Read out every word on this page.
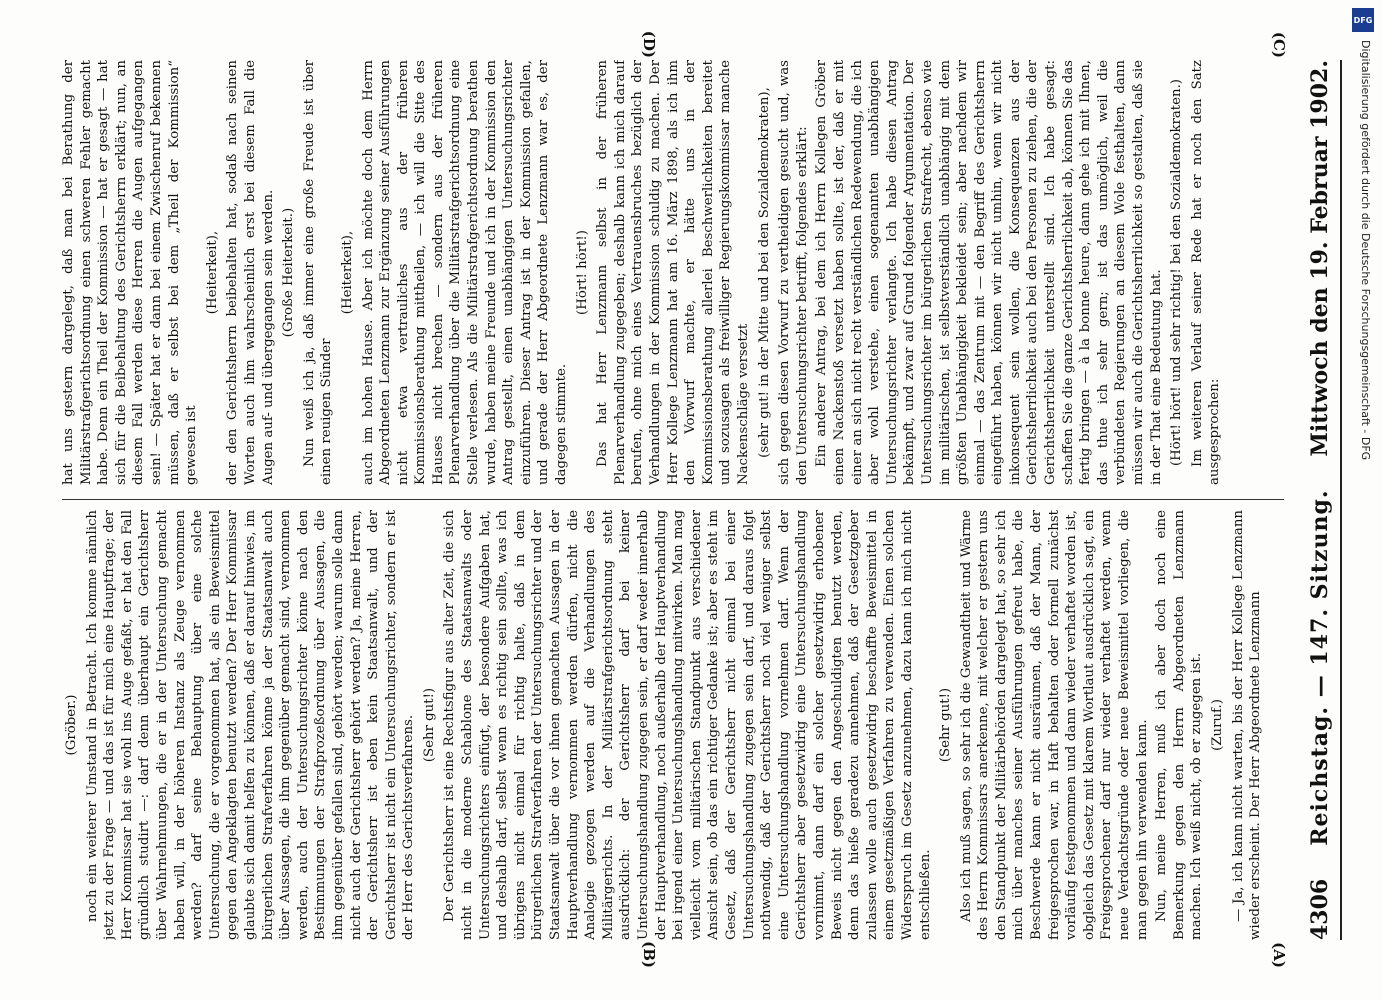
4306
Reichstag. — 147. Sitzung.
Mittwoch den 19. Februar 1902.
(A)
(B)
(C)
(D)

(Gröber.) noch ein weiterer Umstand in Betracht. Ich komme nämlich jetzt zu der Frage — und das ist für mich eine Hauptfrage; der Herr Kommissar hat sie wohl ins Auge gefaßt, er hat den Fall gründlich studirt —: darf denn überhaupt ein Gerichtsherr über Wahrnehmungen, die er in der Untersuchung gemacht haben will, in der höheren Instanz als Zeuge vernommen werden? darf seine Behauptung über eine solche Untersuchung, die er vorgenommen hat, als ein Beweismittel gegen den Angeklagten benutzt werden? Der Herr Kommissar glaubte sich damit helfen zu können, daß er darauf hinwies, im bürgerlichen Strafverfahren könne ja der Staatsanwalt auch über Aussagen, die ihm gegenüber gemacht sind, vernommen werden, auch der Untersuchungsrichter könne nach den Bestimmungen der Strafprozeßordnung über Aussagen, die ihm gegenüber gefallen sind, gehört werden; warum solle dann nicht auch der Gerichtsherr gehört werden? Ja, meine Herren, der Gerichtsherr ist eben kein Staatsanwalt, und der Gerichtsherr ist nicht ein Untersuchungsrichter, sondern er ist der Herr des Gerichtsverfahrens. (Sehr gut!) Der Gerichtsherr ist eine Rechtsfigur aus alter Zeit, die sich nicht in die moderne Schablone des Staatsanwalts oder Untersuchungsrichters einfügt, der besondere Aufgaben hat, und deshalb darf, selbst wenn es richtig sein sollte, was ich übrigens nicht einmal für richtig halte, daß in dem bürgerlichen Strafverfahren der Untersuchungsrichter und der Staatsanwalt über die vor ihnen gemachten Aussagen in der Hauptverhandlung vernommen werden dürfen, nicht die Analogie gezogen werden auf die Verhandlungen des Militärgerichts. In der Militärstrafgerichtsordnung steht ausdrücklich: der Gerichtsherr darf bei keiner Untersuchungshandlung zugegen sein, er darf weder innerhalb der Hauptverhandlung, noch außerhalb der Hauptverhandlung bei irgend einer Untersuchungshandlung mitwirken. Man mag vielleicht vom militärischen Standpunkt aus verschiedener Ansicht sein, ob das ein richtiger Gedanke ist; aber es steht im Gesetz, daß der Gerichtsherr nicht einmal bei einer Untersuchungshandlung zugegen sein darf, und daraus folgt nothwendig, daß der Gerichtsherr noch viel weniger selbst eine Untersuchungshandlung vornehmen darf. Wenn der Gerichtsherr aber gesetzwidrig eine Untersuchungshandlung vornimmt, dann darf ein solcher gesetzwidrig erhobener Beweis nicht gegen den Angeschuldigten benutzt werden, denn das hieße geradezu annehmen, daß der Gesetzgeber zulassen wolle auch gesetzwidrig beschaffte Beweismittel in einem gesetzmäßigen Verfahren zu verwenden. Einen solchen Widerspruch im Gesetz anzunehmen, dazu kann ich mich nicht entschließen.

(Sehr gut!) Also ich muß sagen, so sehr ich die Gewandtheit und Wärme des Herrn Kommissars anerkenne, mit welcher er gestern uns den Standpunkt der Militärbehörden dargelegt hat, so sehr ich mich über manches seiner Ausführungen gefreut habe, die Beschwerde kann er nicht ausräumen, daß der Mann, der freigesprochen war, in Haft behalten oder formell zunächst vorläufig festgenommen und dann wieder verhaftet worden ist, obgleich das Gesetz mit klarem Wortlaut ausdrücklich sagt, ein Freigesprochener darf nur wieder verhaftet werden, wenn neue Verdachtsgründe oder neue Beweismittel vorliegen, die man gegen ihn verwenden kann. Nun, meine Herren, muß ich aber doch noch eine Bemerkung gegen den Herrn Abgeordneten Lenzmann machen. Ich weiß nicht, ob er zugegen ist. (Zuruf.) — Ja, ich kann nicht warten, bis der Herr Kollege Lenzmann wieder erscheint. Der Herr Abgeordnete Lenzmann

hat uns gestern dargelegt, daß man bei Berathung der Militärstrafgerichtsordnung einen schweren Fehler gemacht habe. Denn ein Theil der Kommission — hat er gesagt — hat sich für die Beibehaltung des Gerichtsherrn erklärt; nun, an diesem Fall werden diese Herren die Augen aufgegangen sein! — Später hat er dann bei einem Zwischenruf bekennen müssen, daß er selbst bei dem „Theil der Kommission“ gewesen ist

(Heiterkeit), der den Gerichtsherrn beibehalten hat, sodaß nach seinen Worten auch ihm wahrscheinlich erst bei diesem Fall die Augen auf- und übergegangen sein werden. (Große Heiterkeit.) Nun weiß ich ja, daß immer eine große Freude ist über einen reuigen Sünder

(Heiterkeit), auch im hohen Hause. Aber ich möchte doch dem Herrn Abgeordneten Lenzmann zur Ergänzung seiner Ausführungen nicht etwa vertrauliches aus der früheren Kommissionsberathung mittheilen, — ich will die Sitte des Hauses nicht brechen — sondern aus der früheren Plenarverhandlung über die Militärstrafgerichtsordnung eine Stelle verlesen. Als die Militärstrafgerichtsordnung berathen wurde, haben meine Freunde und ich in der Kommission den Antrag gestellt, einen unabhängigen Untersuchungsrichter einzuführen. Dieser Antrag ist in der Kommission gefallen, und gerade der Herr Abgeordnete Lenzmann war es, der dagegen stimmte.

(Hört! hört!) Das hat Herr Lenzmann selbst in der früheren Plenarverhandlung zugegeben; deshalb kann ich mich darauf berufen, ohne mich eines Vertrauensbruches bezüglich der Verhandlungen in der Kommission schuldig zu machen. Der Herr Kollege Lenzmann hat am 16. März 1898, als ich ihm den Vorwurf machte, er hätte uns in der Kommissionsberathung allerlei Beschwerlichkeiten bereitet und sozusagen als freiwilliger Regierungskommissar manche Nackenschläge versetzt (sehr gut! in der Mitte und bei den Sozialdemokraten), sich gegen diesen Vorwurf zu vertheidigen gesucht und, was den Untersuchungsrichter betrifft, folgendes erklärt: Ein anderer Antrag, bei dem ich Herrn Kollegen Gröber einen Nackenstoß versetzt haben sollte, ist der, daß er mit einer an sich nicht recht verständlichen Redewendung, die ich aber wohl verstehe, einen sogenannten unabhängigen Untersuchungsrichter verlangte. Ich habe diesen Antrag bekämpft, und zwar auf Grund folgender Argumentation. Der Untersuchungsrichter im bürgerlichen Strafrecht, ebenso wie im militärischen, ist selbstverständlich unabhängig mit dem größten Unabhängigkeit bekleidet sein; aber nachdem wir einmal — das Zentrum mit — den Begriff des Gerichtsherrn eingeführt haben, können wir nicht umhin, wenn wir nicht inkonsequent sein wollen, die Konsequenzen aus der Gerichtsherrlichkeit auch bei den Personen zu ziehen, die der Gerichtsherrlichkeit unterstellt sind. Ich habe gesagt: schaffen Sie die ganze Gerichtsherrlichkeit ab, können Sie das fertig bringen — à la bonne heure, dann gehe ich mit Ihnen, das thue ich sehr gern; ist das unmöglich, weil die verbündeten Regierungen an diesem Wole festhalten, dann müssen wir auch die Gerichtsherrlichkeit so gestalten, daß sie in der That eine Bedeutung hat. (Hört! hört! und sehr richtig! bei den Sozialdemokraten.) Im weiteren Verlauf seiner Rede hat er noch den Satz ausgesprochen:

DFG
Digitalisierung gefördert durch die Deutsche Forschungsgemeinschaft - DFG
